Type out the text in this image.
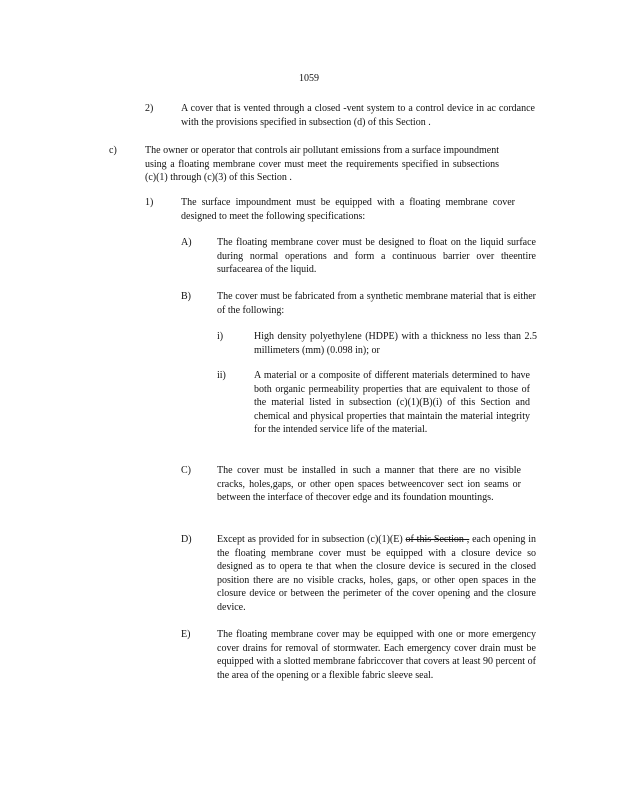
1059
2)	A cover that is vented through a closed -vent system to a control device in ac cordance with the provisions specified in subsection (d) of this Section .
c)	The owner or operator that controls air pollutant emissions from a surface impoundment using a floating membrane cover must meet the requirements specified in subsections (c)(1) through (c)(3) of this Section .
1)	The surface impoundment must be equipped with a floating membrane cover designed to meet the following specifications:
A)	The floating membrane cover must be designed to float on the liquid surface during normal operations and form a continuous barrier over theentire surfacearea of the liquid.
B)	The cover must be fabricated from a synthetic membrane material that is either of the following:
i)	High density polyethylene (HDPE) with a thickness no less than 2.5 millimeters (mm) (0.098 in); or
ii)	A material or a composite of different materials determined to have both organic permeability properties that are equivalent to those of the material listed in subsection (c)(1)(B)(i) of this Section and chemical and physical properties that maintain the material integrity for the intended service life of the material.
C)	The cover must be installed in such a manner that there are no visible cracks, holes,gaps, or other open spaces betweencover sect ion seams or between the interface of thecover edge and its foundation mountings.
D)	Except as provided for in subsection (c)(1)(E) of this Section , each opening in the floating membrane cover must be equipped with a closure device so designed as to opera te that when the closure device is secured in the closed position there are no visible cracks, holes, gaps, or other open spaces in the closure device or between the perimeter of the cover opening and the closure device.
E)	The floating membrane cover may be equipped with one or more emergency cover drains for removal of stormwater. Each emergency cover drain must be equipped with a slotted membrane fabriccover that covers at least 90 percent of the area of the opening or a flexible fabric sleeve seal.
